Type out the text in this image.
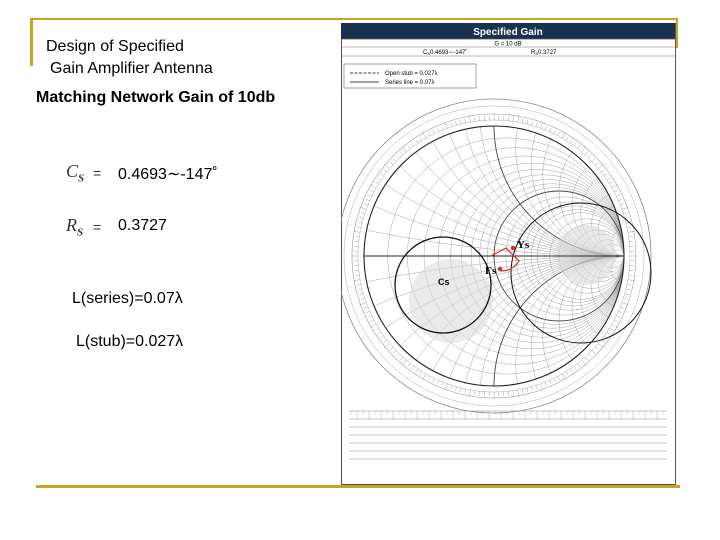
Design of Specified
Gain Amplifier Antenna
Matching Network Gain of 10db
$C_S$ = 0.4693∼-147˚
$R_S = 0.3727$
L(series)=0.07λ
L(stub)=0.027λ
Specified Gain
G = 10 dB
CS0.4693∼-147˚	RS0.3727
Open stub = 0.027λ
Series line = 0.07λ
Γs
Ys
Cs
